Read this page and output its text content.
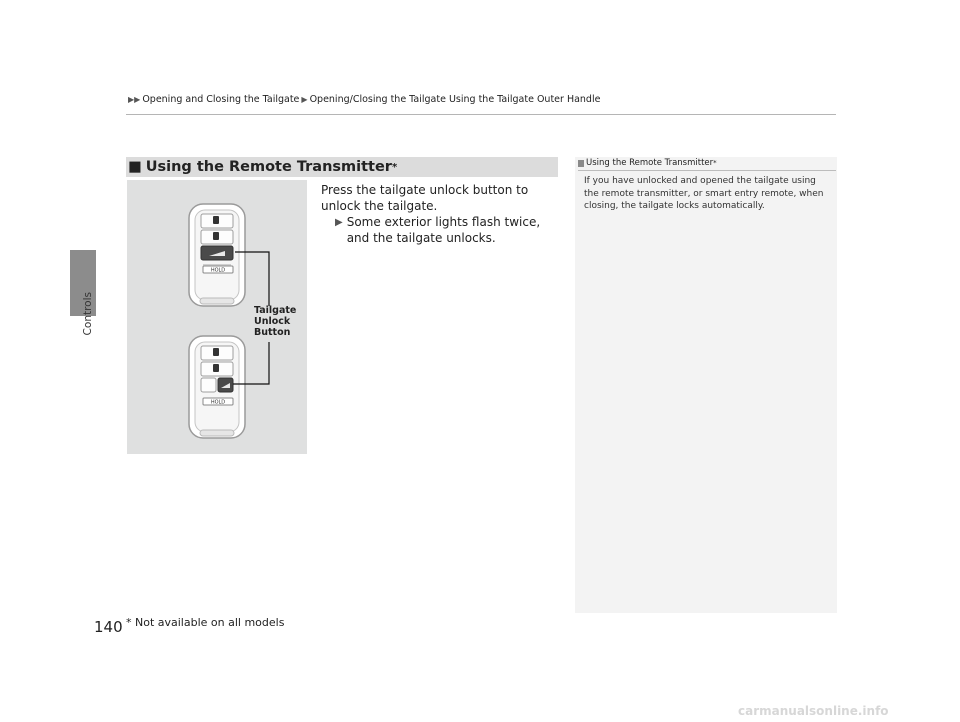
▶▶ Opening and Closing the Tailgate ▶ Opening/Closing the Tailgate Using the Tailgate Outer Handle
Controls
■ Using the Remote Transmitter *
HOLD
HOLD
Tailgate Unlock Button
Press the tailgate unlock button to unlock the tailgate.
▶ Some exterior lights flash twice, and the tailgate unlocks.
Using the Remote Transmitter *
If you have unlocked and opened the tailgate using the remote transmitter, or smart entry remote, when closing, the tailgate locks automatically.
140 * Not available on all models
carmanualsonline.info
